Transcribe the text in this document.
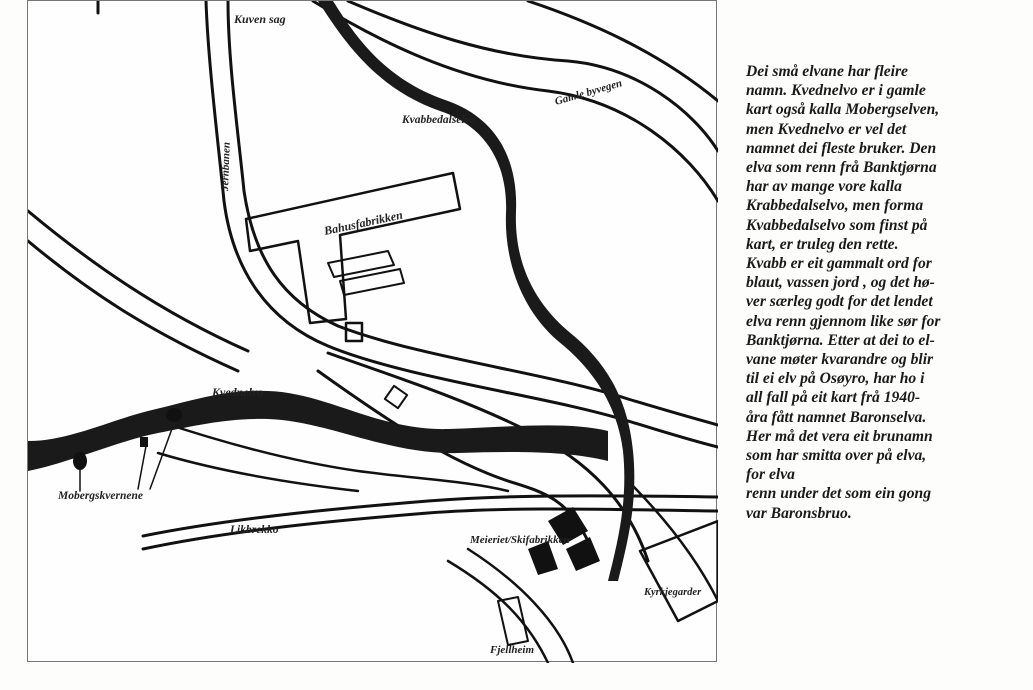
Kuven sag
Gamle byvegen
Kvabbedalselvo
Jernbanen
Bahusfabrikken
Kvednelvo
Mobergskvernene
Likbrekko
Meieriet/Skifabrikken
Kyrkjegarder
Fjellheim
Dei små elvane har fleire
namn. Kvednelvo er i gamle
kart også kalla Mobergselven,
men Kvednelvo er vel det
namnet dei fleste bruker. Den
elva som renn frå Banktjørna
har av mange vore kalla
Krabbedalselvo, men forma
Kvabbedalselvo som finst på
kart, er truleg den rette.
Kvabb er eit gammalt ord for
blaut, vassen jord , og det hø-
ver særleg godt for det lendet
elva renn gjennom like sør for
Banktjørna. Etter at dei to el-
vane møter kvarandre og blir
til ei elv på Osøyro, har ho i
all fall på eit kart frå 1940-
åra fått namnet Baronselva.
Her må det vera eit brunamn
som har smitta over på elva,
for elva
renn under det som ein gong
var Baronsbruo.
